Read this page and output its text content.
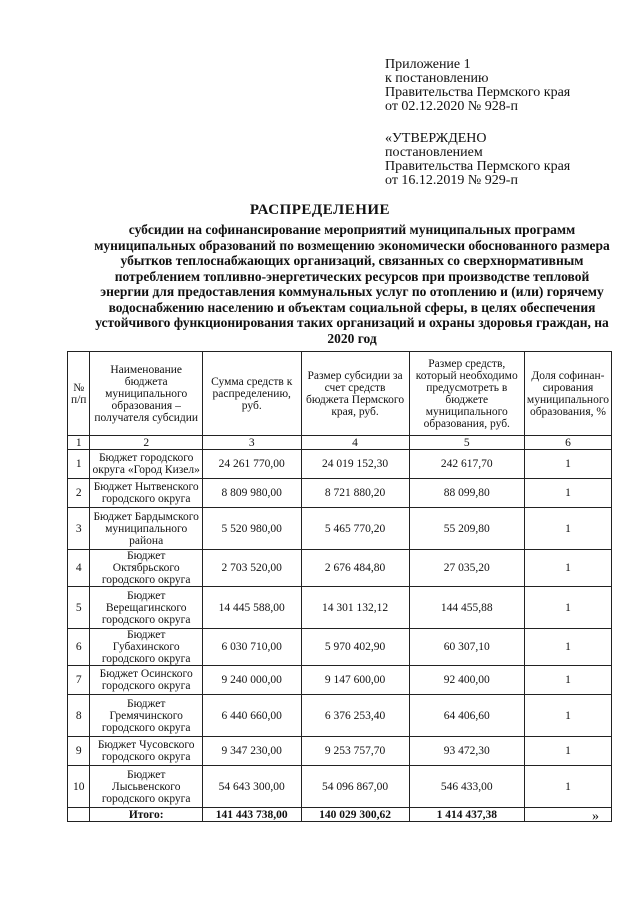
Приложение 1
к постановлению
Правительства Пермского края
от 02.12.2020 № 928-п
«УТВЕРЖДЕНО
постановлением
Правительства Пермского края
от 16.12.2019 № 929-п
РАСПРЕДЕЛЕНИЕ
субсидии на софинансирование мероприятий муниципальных программ муниципальных образований по возмещению экономически обоснованного размера убытков теплоснабжающих организаций, связанных со сверхнормативным потреблением топливно-энергетических ресурсов при производстве тепловой энергии для предоставления коммунальных услуг по отоплению и (или) горячему водоснабжению населению и объектам социальной сферы, в целях обеспечения устойчивого функционирования таких организаций и охраны здоровья граждан, на 2020 год
№ п/п	Наименование бюджета муниципального образования – получателя субсидии	Сумма средств к распределению, руб.	Размер субсидии за счет средств бюджета Пермского края, руб.	Размер средств, который необходимо предусмотреть в бюджете муниципального образования, руб.	Доля софинан-сирования муниципального образования, %
1	2	3	4	5	6
1	Бюджет городского округа «Город Кизел»	24 261 770,00	24 019 152,30	242 617,70	1
2	Бюджет Нытвенского городского округа	8 809 980,00	8 721 880,20	88 099,80	1
3	Бюджет Бардымского муниципального района	5 520 980,00	5 465 770,20	55 209,80	1
4	Бюджет Октябрьского городского округа	2 703 520,00	2 676 484,80	27 035,20	1
5	Бюджет Верещагинского городского округа	14 445 588,00	14 301 132,12	144 455,88	1
6	Бюджет Губахинского городского округа	6 030 710,00	5 970 402,90	60 307,10	1
7	Бюджет Осинского городского округа	9 240 000,00	9 147 600,00	92 400,00	1
8	Бюджет Гремячинского городского округа	6 440 660,00	6 376 253,40	64 406,60	1
9	Бюджет Чусовского городского округа	9 347 230,00	9 253 757,70	93 472,30	1
10	Бюджет Лысьвенского городского округа	54 643 300,00	54 096 867,00	546 433,00	1
	Итого:	141 443 738,00	140 029 300,62	1 414 437,38		»
